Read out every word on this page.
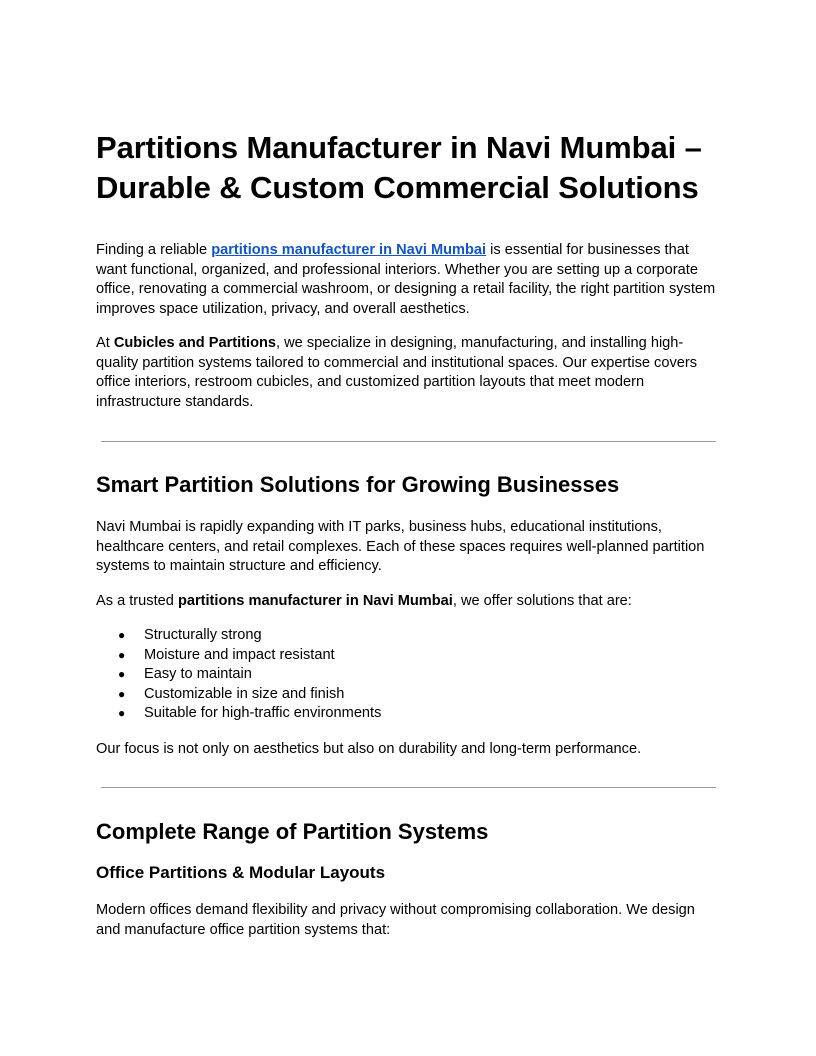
Partitions Manufacturer in Navi Mumbai – Durable & Custom Commercial Solutions

Finding a reliable partitions manufacturer in Navi Mumbai is essential for businesses that want functional, organized, and professional interiors. Whether you are setting up a corporate office, renovating a commercial washroom, or designing a retail facility, the right partition system improves space utilization, privacy, and overall aesthetics.

At Cubicles and Partitions, we specialize in designing, manufacturing, and installing high-quality partition systems tailored to commercial and institutional spaces. Our expertise covers office interiors, restroom cubicles, and customized partition layouts that meet modern infrastructure standards.

Smart Partition Solutions for Growing Businesses

Navi Mumbai is rapidly expanding with IT parks, business hubs, educational institutions, healthcare centers, and retail complexes. Each of these spaces requires well-planned partition systems to maintain structure and efficiency.

As a trusted partitions manufacturer in Navi Mumbai, we offer solutions that are:

● Structurally strong
● Moisture and impact resistant
● Easy to maintain
● Customizable in size and finish
● Suitable for high-traffic environments

Our focus is not only on aesthetics but also on durability and long-term performance.

Complete Range of Partition Systems
Office Partitions & Modular Layouts

Modern offices demand flexibility and privacy without compromising collaboration. We design and manufacture office partition systems that:
